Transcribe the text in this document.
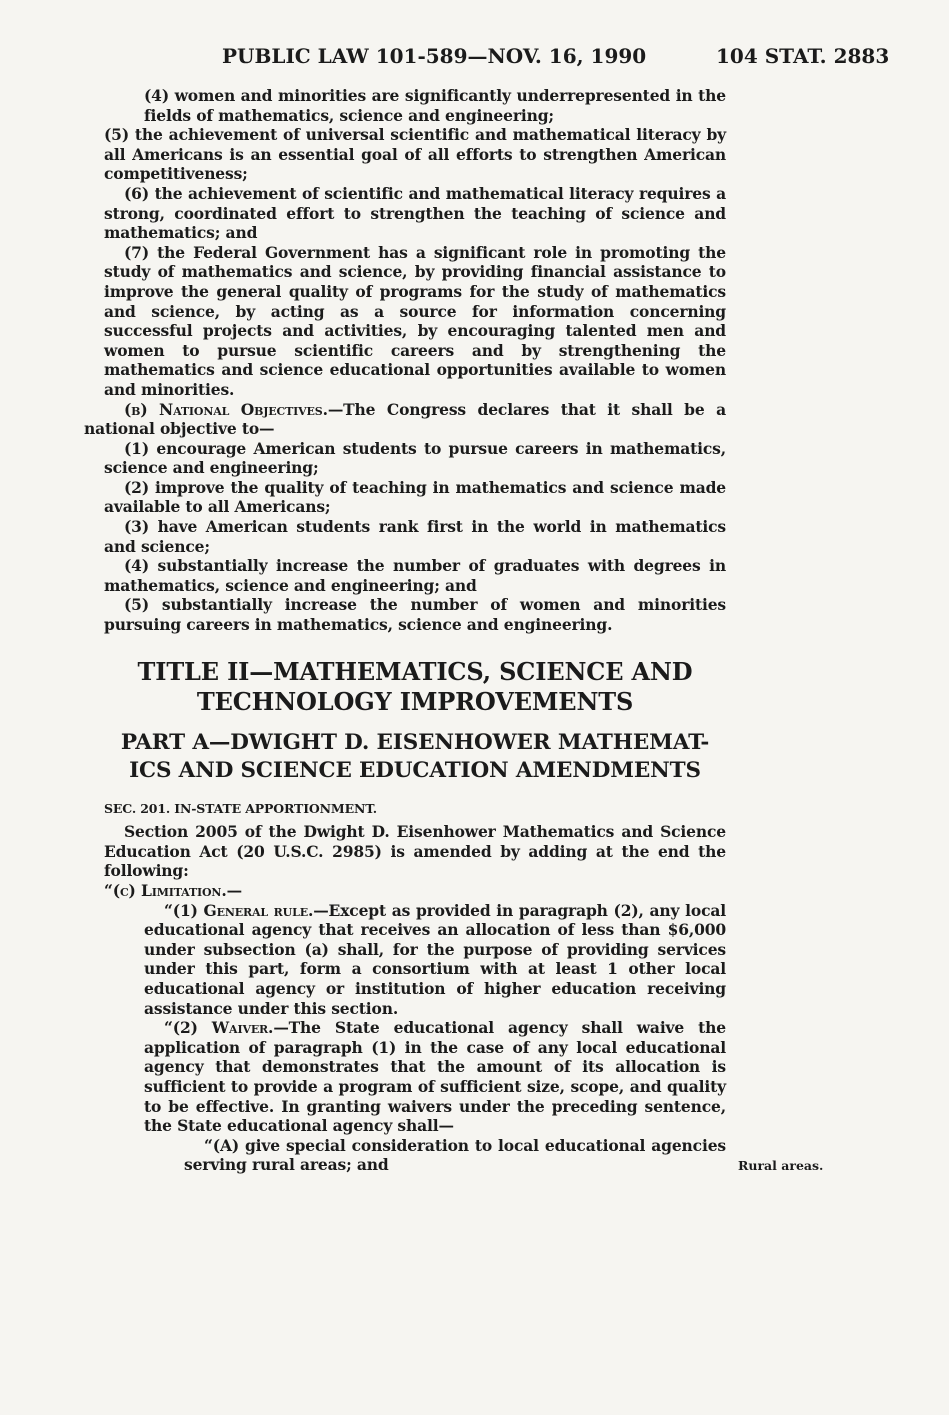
PUBLIC LAW 101-589—NOV. 16, 1990	104 STAT. 2883

(4) women and minorities are significantly underrepresented in the fields of mathematics, science and engineering;

(5) the achievement of universal scientific and mathematical literacy by all Americans is an essential goal of all efforts to strengthen American competitiveness;

(6) the achievement of scientific and mathematical literacy requires a strong, coordinated effort to strengthen the teaching of science and mathematics; and

(7) the Federal Government has a significant role in promoting the study of mathematics and science, by providing financial assistance to improve the general quality of programs for the study of mathematics and science, by acting as a source for information concerning successful projects and activities, by encouraging talented men and women to pursue scientific careers and by strengthening the mathematics and science educational opportunities available to women and minorities.

(b) National Objectives.—The Congress declares that it shall be a national objective to—

(1) encourage American students to pursue careers in mathematics, science and engineering;

(2) improve the quality of teaching in mathematics and science made available to all Americans;

(3) have American students rank first in the world in mathematics and science;

(4) substantially increase the number of graduates with degrees in mathematics, science and engineering; and

(5) substantially increase the number of women and minorities pursuing careers in mathematics, science and engineering.

TITLE II—MATHEMATICS, SCIENCE AND
TECHNOLOGY IMPROVEMENTS
PART A—DWIGHT D. EISENHOWER MATHEMAT-
ICS AND SCIENCE EDUCATION AMENDMENTS
SEC. 201. IN-STATE APPORTIONMENT.

Section 2005 of the Dwight D. Eisenhower Mathematics and Science Education Act (20 U.S.C. 2985) is amended by adding at the end the following:

“(c) Limitation.—

“(1) General rule.—Except as provided in paragraph (2), any local educational agency that receives an allocation of less than $6,000 under subsection (a) shall, for the purpose of providing services under this part, form a consortium with at least 1 other local educational agency or institution of higher education receiving assistance under this section.

“(2) Waiver.—The State educational agency shall waive the application of paragraph (1) in the case of any local educational agency that demonstrates that the amount of its allocation is sufficient to provide a program of sufficient size, scope, and quality to be effective. In granting waivers under the preceding sentence, the State educational agency shall—

“(A) give special consideration to local educational agencies serving rural areas; and	Rural areas.
